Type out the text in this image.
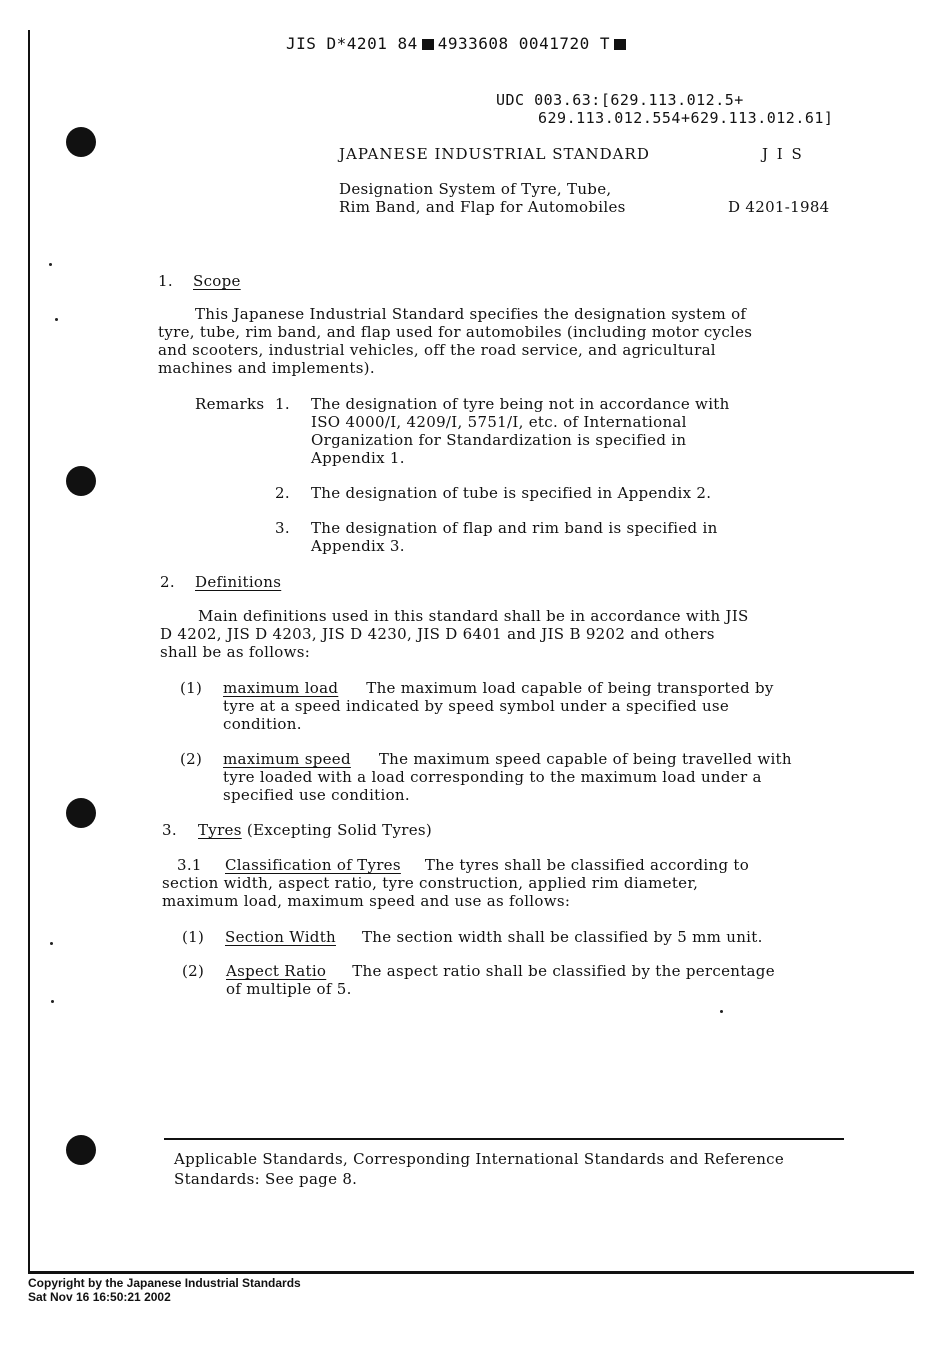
JIS D*4201 84 4933608 0041720 T
UDC 003.63:[629.113.012.5+
629.113.012.554+629.113.012.61]
JAPANESE INDUSTRIAL STANDARD	J I S
Designation System of Tyre, Tube,
Rim Band, and Flap for Automobiles	D 4201-1984
1. Scope
This Japanese Industrial Standard specifies the designation system of
tyre, tube, rim band, and flap used for automobiles (including motor cycles
and scooters, industrial vehicles, off the road service, and agricultural
machines and implements).
Remarks 1. The designation of tyre being not in accordance with
ISO 4000/I, 4209/I, 5751/I, etc. of International
Organization for Standardization is specified in
Appendix 1.
2. The designation of tube is specified in Appendix 2.
3. The designation of flap and rim band is specified in
Appendix 3.
2. Definitions
Main definitions used in this standard shall be in accordance with JIS
D 4202, JIS D 4203, JIS D 4230, JIS D 6401 and JIS B 9202 and others
shall be as follows:
(1) maximum load The maximum load capable of being transported by
tyre at a speed indicated by speed symbol under a specified use
condition.
(2) maximum speed The maximum speed capable of being travelled with
tyre loaded with a load corresponding to the maximum load under a
specified use condition.
3. Tyres (Excepting Solid Tyres)
3.1	Classification of Tyres The tyres shall be classified according to
section width, aspect ratio, tyre construction, applied rim diameter,
maximum load, maximum speed and use as follows:
(1) Section Width The section width shall be classified by 5 mm unit.
(2) Aspect Ratio The aspect ratio shall be classified by the percentage
of multiple of 5.
Applicable Standards, Corresponding International Standards and Reference
Standards: See page 8.
Copyright by the Japanese Industrial Standards
Sat Nov 16 16:50:21 2002
